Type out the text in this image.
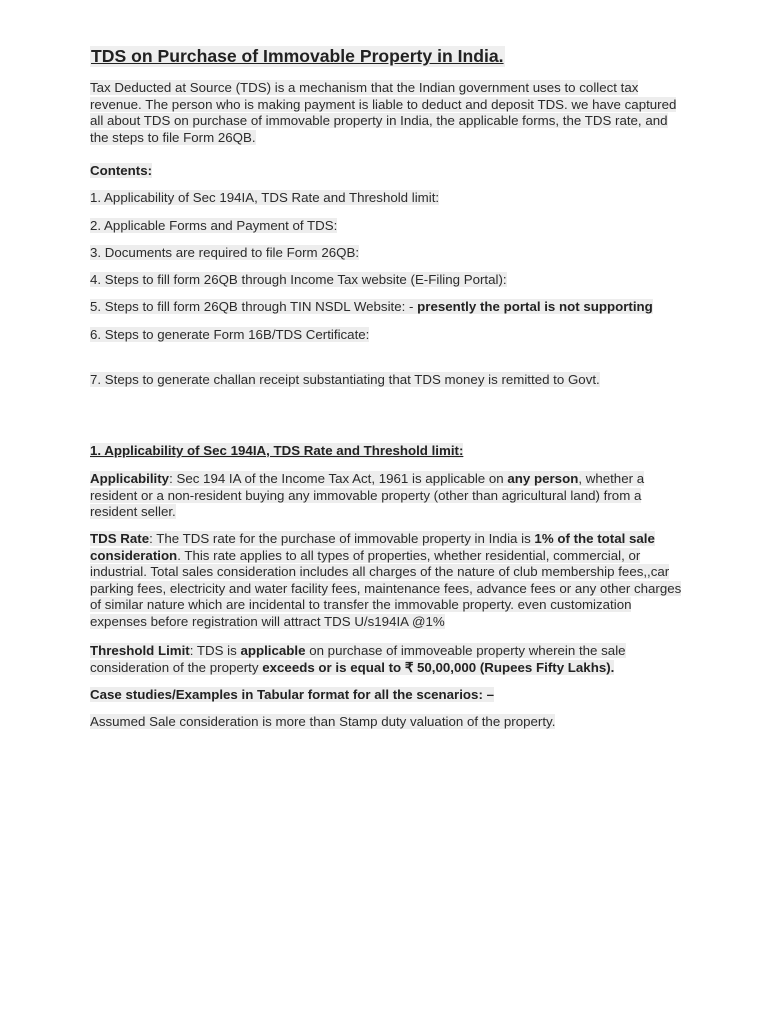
TDS on Purchase of Immovable Property in India.
Tax Deducted at Source (TDS) is a mechanism that the Indian government uses to collect tax revenue. The person who is making payment is liable to deduct and deposit TDS. we have captured all about TDS on purchase of immovable property in India, the applicable forms, the TDS rate, and the steps to file Form 26QB.
Contents:
1. Applicability of Sec 194IA, TDS Rate and Threshold limit:
2. Applicable Forms and Payment of TDS:
3. Documents are required to file Form 26QB:
4. Steps to fill form 26QB through Income Tax website (E-Filing Portal):
5. Steps to fill form 26QB through TIN NSDL Website: - presently the portal is not supporting
6. Steps to generate Form 16B/TDS Certificate:
7. Steps to generate challan receipt substantiating that TDS money is remitted to Govt.
1. Applicability of Sec 194IA, TDS Rate and Threshold limit:
Applicability: Sec 194 IA of the Income Tax Act, 1961 is applicable on any person, whether a resident or a non-resident buying any immovable property (other than agricultural land) from a resident seller.
TDS Rate: The TDS rate for the purchase of immovable property in India is 1% of the total sale consideration. This rate applies to all types of properties, whether residential, commercial, or industrial. Total sales consideration includes all charges of the nature of club membership fees,,car parking fees, electricity and water facility fees, maintenance fees, advance fees or any other charges of similar nature which are incidental to transfer the immovable property. even customization expenses before registration will attract TDS U/s194IA @1%
Threshold Limit: TDS is applicable on purchase of immoveable property wherein the sale consideration of the property exceeds or is equal to ₹ 50,00,000 (Rupees Fifty Lakhs).
Case studies/Examples in Tabular format for all the scenarios: –
Assumed Sale consideration is more than Stamp duty valuation of the property.
